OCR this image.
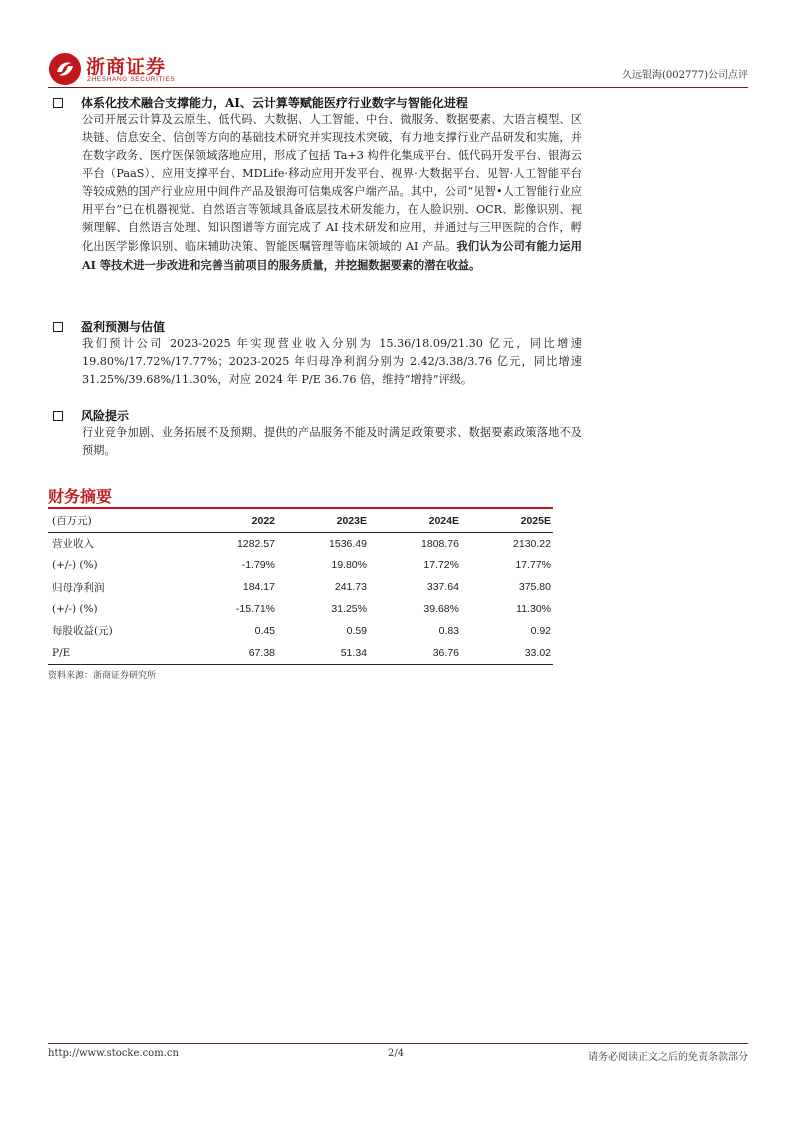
浙商证券
ZHESHANG SECURITIES	久远银海(002777)公司点评
体系化技术融合支撑能力，AI、云计算等赋能医疗行业数字与智能化进程

公司开展云计算及云原生、低代码、大数据、人工智能、中台、微服务、数据要素、大语言模型、区块链、信息安全、信创等方向的基础技术研究并实现技术突破，有力地支撑行业产品研发和实施，并在数字政务、医疗医保领域落地应用，形成了包括 Ta+3 构件化集成平台、低代码开发平台、银海云平台（PaaS）、应用支撑平台、MDLife·移动应用开发平台、视界·大数据平台、见智·人工智能平台等较成熟的国产行业应用中间件产品及银海可信集成客户端产品。其中，公司“见智•人工智能行业应用平台”已在机器视觉、自然语言等领域具备底层技术研发能力，在人脸识别、OCR、影像识别、视频理解、自然语言处理、知识图谱等方面完成了 AI 技术研发和应用，并通过与三甲医院的合作，孵化出医学影像识别、临床辅助决策、智能医嘱管理等临床领域的 AI 产品。我们认为公司有能力运用 AI 等技术进一步改进和完善当前项目的服务质量，并挖掘数据要素的潜在收益。

盈利预测与估值

我们预计公司 2023-2025 年实现营业收入分别为 15.36/18.09/21.30 亿元，同比增速 19.80%/17.72%/17.77%；2023-2025 年归母净利润分别为 2.42/3.38/3.76 亿元，同比增速 31.25%/39.68%/11.30%，对应 2024 年 P/E 36.76 倍，维持“增持”评级。

风险提示

行业竞争加剧、业务拓展不及预期、提供的产品服务不能及时满足政策要求、数据要素政策落地不及预期。

财务摘要
(百万元)	2022	2023E	2024E	2025E
营业收入	1282.57	1536.49	1808.76	2130.22
(+/-) (%)	-1.79%	19.80%	17.72%	17.77%
归母净利润	184.17	241.73	337.64	375.80
(+/-) (%)	-15.71%	31.25%	39.68%	11.30%
每股收益(元)	0.45	0.59	0.83	0.92
P/E	67.38	51.34	36.76	33.02
资料来源：浙商证券研究所
http://www.stocke.com.cn	2/4	请务必阅读正文之后的免责条款部分
